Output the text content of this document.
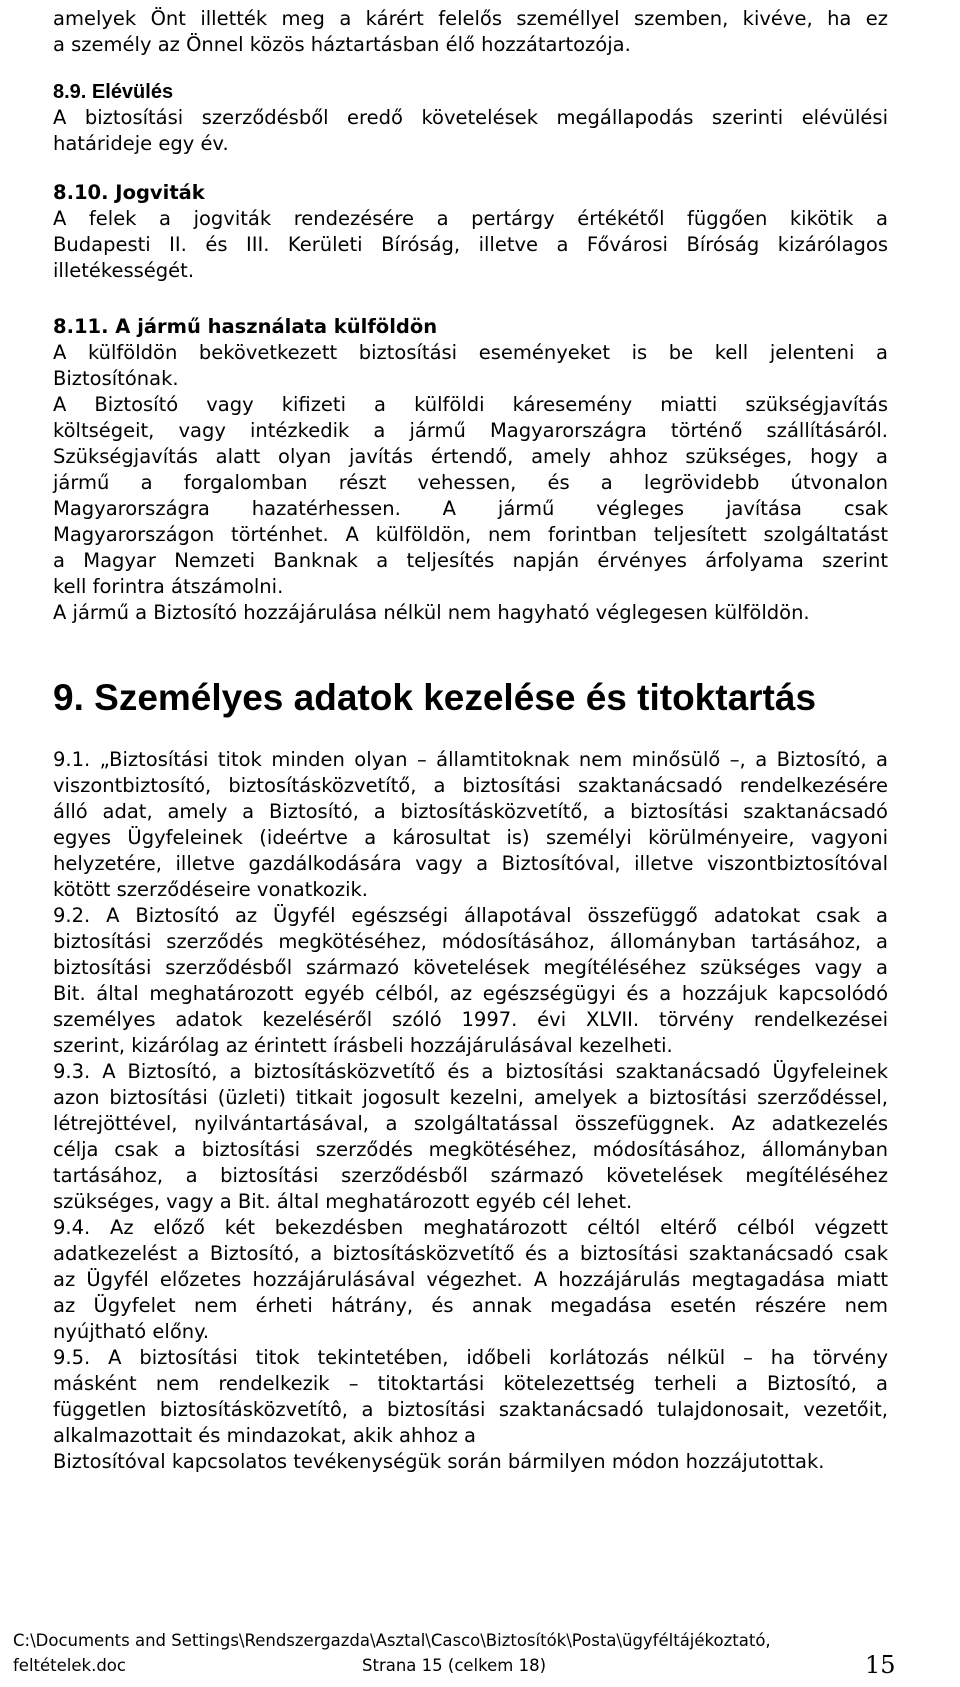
amelyek Önt illették meg a kárért felelős személlyel szemben, kivéve, ha ez
a személy az Önnel közös háztartásban élő hozzátartozója.
8.9. Elévülés
A biztosítási szerződésből eredő követelések megállapodás szerinti elévülési
határideje egy év.
8.10. Jogviták
A felek a jogviták rendezésére a pertárgy értékétől függően kikötik a
Budapesti II. és III. Kerületi Bíróság, illetve a Fővárosi Bíróság kizárólagos
illetékességét.
8.11. A jármű használata külföldön
A külföldön bekövetkezett biztosítási eseményeket is be kell jelenteni a
Biztosítónak.
A Biztosító vagy kifizeti a külföldi káresemény miatti szükségjavítás
költségeit, vagy intézkedik a jármű Magyarországra történő szállításáról.
Szükségjavítás alatt olyan javítás értendő, amely ahhoz szükséges, hogy a
jármű a forgalomban részt vehessen, és a legrövidebb útvonalon
Magyarországra hazatérhessen. A jármű végleges javítása csak
Magyarországon történhet. A külföldön, nem forintban teljesített szolgáltatást
a Magyar Nemzeti Banknak a teljesítés napján érvényes árfolyama szerint
kell forintra átszámolni.
A jármű a Biztosító hozzájárulása nélkül nem hagyható véglegesen külföldön.
9. Személyes adatok kezelése és titoktartás
9.1. „Biztosítási titok minden olyan – államtitoknak nem minősülő –, a Biztosító, a
viszontbiztosító, biztosításközvetítő, a biztosítási szaktanácsadó rendelkezésére
álló adat, amely a Biztosító, a biztosításközvetítő, a biztosítási szaktanácsadó
egyes Ügyfeleinek (ideértve a károsultat is) személyi körülményeire, vagyoni
helyzetére, illetve gazdálkodására vagy a Biztosítóval, illetve viszontbiztosítóval
kötött szerződéseire vonatkozik.
9.2. A Biztosító az Ügyfél egészségi állapotával összefüggő adatokat csak a
biztosítási szerződés megkötéséhez, módosításához, állományban tartásához, a
biztosítási szerződésből származó követelések megítéléséhez szükséges vagy a
Bit. által meghatározott egyéb célból, az egészségügyi és a hozzájuk kapcsolódó
személyes adatok kezeléséről szóló 1997. évi XLVII. törvény rendelkezései
szerint, kizárólag az érintett írásbeli hozzájárulásával kezelheti.
9.3. A Biztosító, a biztosításközvetítő és a biztosítási szaktanácsadó Ügyfeleinek
azon biztosítási (üzleti) titkait jogosult kezelni, amelyek a biztosítási szerződéssel,
létrejöttével, nyilvántartásával, a szolgáltatással összefüggnek. Az adatkezelés
célja csak a biztosítási szerződés megkötéséhez, módosításához, állományban
tartásához, a biztosítási szerződésből származó követelések megítéléséhez
szükséges, vagy a Bit. által meghatározott egyéb cél lehet.
9.4. Az előző két bekezdésben meghatározott céltól eltérő célból végzett
adatkezelést a Biztosító, a biztosításközvetítő és a biztosítási szaktanácsadó csak
az Ügyfél előzetes hozzájárulásával végezhet. A hozzájárulás megtagadása miatt
az Ügyfelet nem érheti hátrány, és annak megadása esetén részére nem
nyújtható előny.
9.5. A biztosítási titok tekintetében, időbeli korlátozás nélkül – ha törvény
másként nem rendelkezik – titoktartási kötelezettség terheli a Biztosító, a
független biztosításközvetítô, a biztosítási szaktanácsadó tulajdonosait, vezetőit,
alkalmazottait és mindazokat, akik ahhoz a
Biztosítóval kapcsolatos tevékenységük során bármilyen módon hozzájutottak.
C:\Documents and Settings\Rendszergazda\Asztal\Casco\Biztosítók\Posta\ügyféltájékoztató,
feltételek.doc	Strana 15 (celkem 18)	15
